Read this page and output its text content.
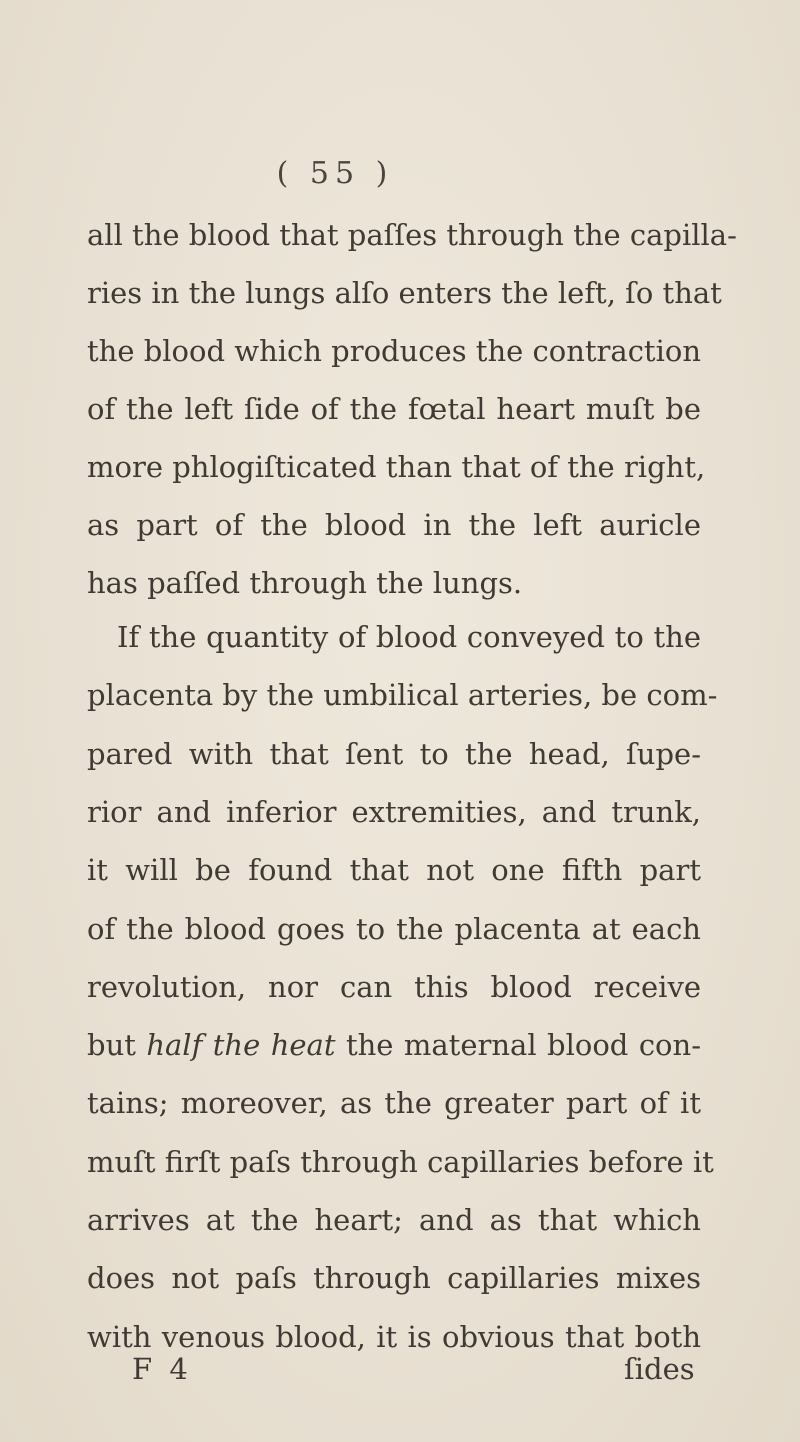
( 55 )
all the blood that paſſes through the capilla-
ries in the lungs alſo enters the left, ſo that
the blood which produces the contraction
of the left ſide of the fœtal heart muſt be
more phlogiſticated than that of the right,
as part of the blood in the left auricle
has paſſed through the lungs.
If the quantity of blood conveyed to the
placenta by the umbilical arteries, be com-
pared with that ſent to the head, ſupe-
rior and inferior extremities, and trunk,
it will be found that not one fifth part
of the blood goes to the placenta at each
revolution, nor can this blood receive
but half the heat the maternal blood con-
tains; moreover, as the greater part of it
muſt firſt paſs through capillaries before it
arrives at the heart; and as that which
does not paſs through capillaries mixes
with venous blood, it is obvious that both
F 4	ſides
